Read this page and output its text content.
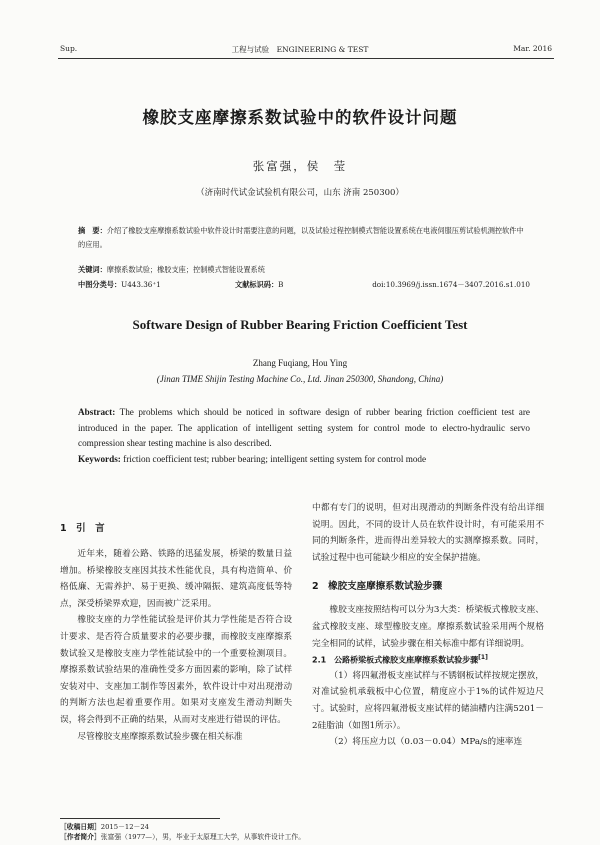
Sup.	工程与试验　ENGINEERING & TEST	Mar. 2016
橡胶支座摩擦系数试验中的软件设计问题
张富强，侯　莹
（济南时代试金试验机有限公司，山东 济南 250300）
摘　要：介绍了橡胶支座摩擦系数试验中软件设计时需要注意的问题，以及试验过程控制模式智能设置系统在电液伺服压剪试验机测控软件中的应用。
关键词：摩擦系数试验；橡胶支座；控制模式智能设置系统
中图分类号：U443.36⁺1	文献标识码：B	doi:10.3969/j.issn.1674－3407.2016.s1.010
Software Design of Rubber Bearing Friction Coefficient Test
Zhang Fuqiang, Hou Ying
(Jinan TIME Shijin Testing Machine Co., Ltd. Jinan 250300, Shandong, China)
Abstract: The problems which should be noticed in software design of rubber bearing friction coefficient test are introduced in the paper. The application of intelligent setting system for control mode to electro-hydraulic servo compression shear testing machine is also described.
Keywords: friction coefficient test; rubber bearing; intelligent setting system for control mode
1　引　言

近年来，随着公路、铁路的迅猛发展，桥梁的数量日益增加。桥梁橡胶支座因其技术性能优良，具有构造简单、价格低廉、无需养护、易于更换、缓冲隔振、建筑高度低等特点，深受桥梁界欢迎，因而被广泛采用。

橡胶支座的力学性能试验是评价其力学性能是否符合设计要求、是否符合质量要求的必要步骤，而橡胶支座摩擦系数试验又是橡胶支座力学性能试验中的一个重要检测项目。摩擦系数试验结果的准确性受多方面因素的影响，除了试样安装对中、支座加工制作等因素外，软件设计中对出现滑动的判断方法也起着重要作用。如果对支座发生滑动判断失误，将会得到不正确的结果，从而对支座进行错误的评估。

尽管橡胶支座摩擦系数试验步骤在相关标准

中都有专门的说明，但对出现滑动的判断条件没有给出详细说明。因此，不同的设计人员在软件设计时，有可能采用不同的判断条件，进而得出差异较大的实测摩擦系数。同时，试验过程中也可能缺少相应的安全保护措施。

2　橡胶支座摩擦系数试验步骤

橡胶支座按照结构可以分为3大类：桥梁板式橡胶支座、盆式橡胶支座、球型橡胶支座。摩擦系数试验采用两个规格完全相同的试样，试验步骤在相关标准中都有详细说明。

2.1　公路桥梁板式橡胶支座摩擦系数试验步骤[1]

（1）将四氟滑板支座试样与不锈钢板试样按规定摆放，对准试验机承载板中心位置，精度应小于1%的试件短边尺寸。试验时，应将四氟滑板支座试样的储油槽内注满5201－2硅脂油（如图1所示）。

（2）将压应力以（0.03－0.04）MPa/s的速率连

［收稿日期］2015－12－24
［作者简介］张富强（1977—），男，毕业于太原理工大学，从事软件设计工作。
